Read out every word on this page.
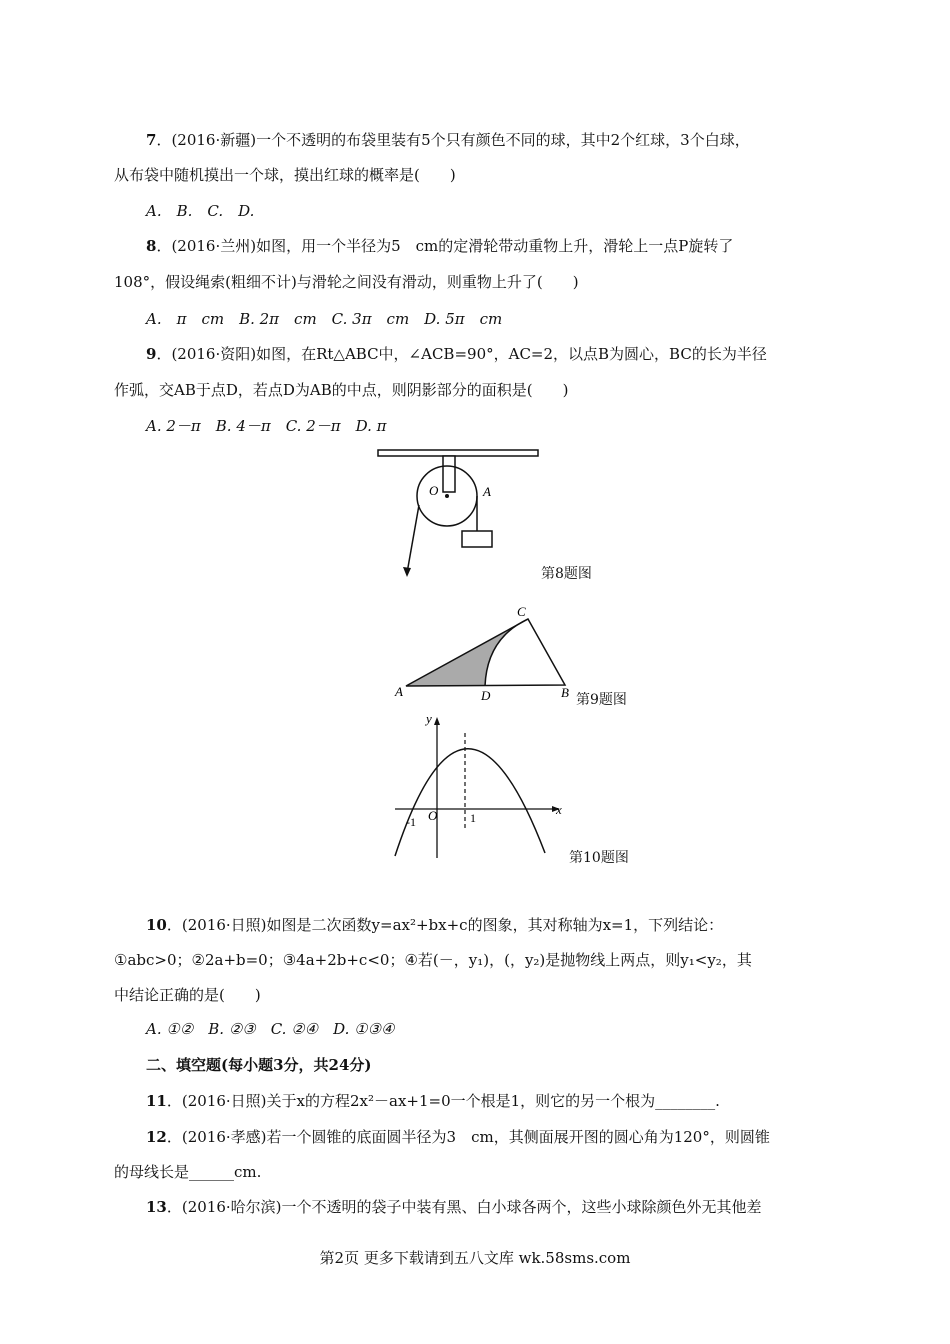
7．(2016·新疆)一个不透明的布袋里装有5个只有颜色不同的球，其中2个红球，3个白球，
从布袋中随机摸出一个球，摸出红球的概率是(　　)
A.　B.　C.　D.
8．(2016·兰州)如图，用一个半径为5　cm的定滑轮带动重物上升，滑轮上一点P旋转了
108°，假设绳索(粗细不计)与滑轮之间没有滑动，则重物上升了(　　)
A.　π　cm　B. 2π　cm　C. 3π　cm　D. 5π　cm
9．(2016·资阳)如图，在Rt△ABC中，∠ACB=90°，AC=2，以点B为圆心，BC的长为半径
作弧，交AB于点D，若点D为AB的中点，则阴影部分的面积是(　　)
A. 2－π　B. 4－π　C. 2－π　D. π
O	A
第8题图
C
A	D	B 第9题图
y
x
O
-1	1
第10题图
10．(2016·日照)如图是二次函数y=ax²+bx+c的图象，其对称轴为x=1，下列结论：
①abc>0；②2a+b=0；③4a+2b+c<0；④若(－，y₁)，(，y₂)是抛物线上两点，则y₁<y₂，其
中结论正确的是(　　)
A. ①②　B. ②③　C. ②④　D. ①③④
二、填空题(每小题3分，共24分)
11．(2016·日照)关于x的方程2x²－ax+1=0一个根是1，则它的另一个根为________.
12．(2016·孝感)若一个圆锥的底面圆半径为3　cm，其侧面展开图的圆心角为120°，则圆锥
的母线长是______cm.
13．(2016·哈尔滨)一个不透明的袋子中装有黑、白小球各两个，这些小球除颜色外无其他差
第2页 更多下载请到五八文库 wk.58sms.com
